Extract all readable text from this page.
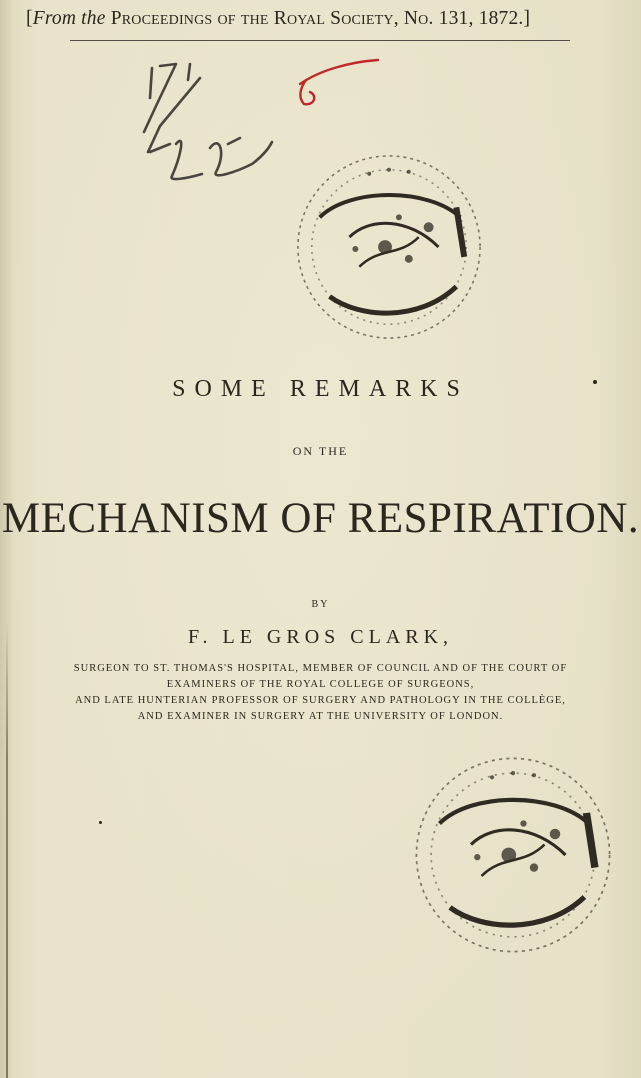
[From the Proceedings of the Royal Society, No. 131, 1872.]
SOME REMARKS
ON THE
MECHANISM OF RESPIRATION.
BY
F. LE GROS CLARK,
SURGEON TO ST. THOMAS'S HOSPITAL, MEMBER OF COUNCIL AND OF THE COURT OF
EXAMINERS OF THE ROYAL COLLEGE OF SURGEONS,
AND LATE HUNTERIAN PROFESSOR OF SURGERY AND PATHOLOGY IN THE COLLÈGE,
AND EXAMINER IN SURGERY AT THE UNIVERSITY OF LONDON.
